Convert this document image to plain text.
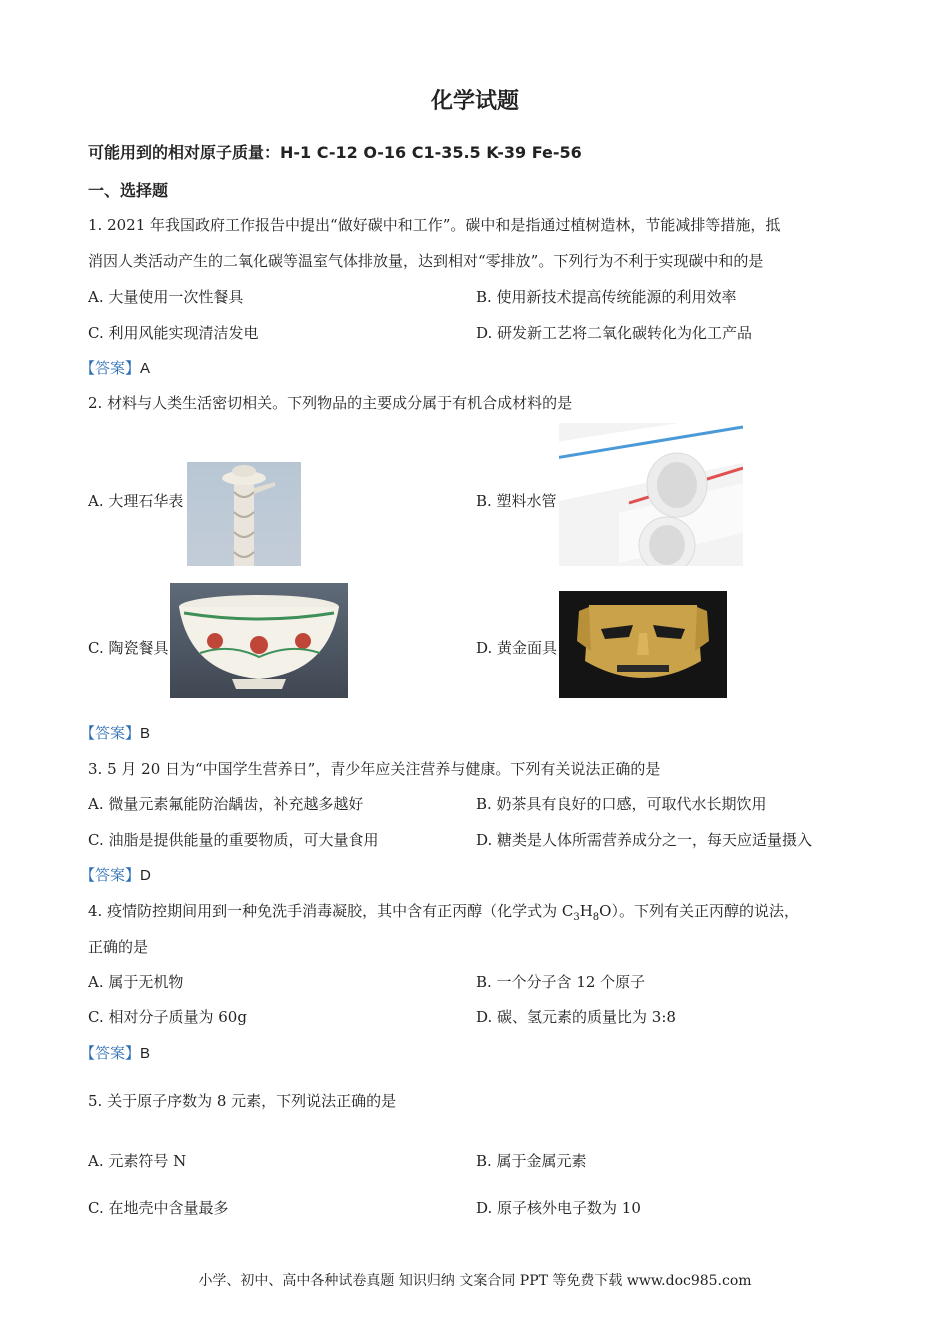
化学试题
可能用到的相对原子质量：H-1 C-12 O-16 C1-35.5 K-39 Fe-56
一、选择题
1. 2021 年我国政府工作报告中提出“做好碳中和工作”。碳中和是指通过植树造林，节能减排等措施，抵
消因人类活动产生的二氧化碳等温室气体排放量，达到相对“零排放”。下列行为不利于实现碳中和的是
A. 大量使用一次性餐具	B. 使用新技术提高传统能源的利用效率
C. 利用风能实现清洁发电	D. 研发新工艺将二氧化碳转化为化工产品
【答案】A
2. 材料与人类生活密切相关。下列物品的主要成分属于有机合成材料的是
A. 大理石华表	B. 塑料水管
C. 陶瓷餐具	D. 黄金面具
【答案】B
3. 5 月 20 日为“中国学生营养日”，青少年应关注营养与健康。下列有关说法正确的是
A. 微量元素氟能防治龋齿，补充越多越好	B. 奶茶具有良好的口感，可取代水长期饮用
C. 油脂是提供能量的重要物质，可大量食用	D. 糖类是人体所需营养成分之一，每天应适量摄入
【答案】D
4. 疫情防控期间用到一种免洗手消毒凝胶，其中含有正丙醇（化学式为 $C_3H_8O$）。下列有关正丙醇的说法，
正确的是
A. 属于无机物	B. 一个分子含 12 个原子
C. 相对分子质量为 60g	D. 碳、氢元素的质量比为 3:8
【答案】B
5. 关于原子序数为 8 元素，下列说法正确的是
A. 元素符号 N	B. 属于金属元素
C. 在地壳中含量最多	D. 原子核外电子数为 10
小学、初中、高中各种试卷真题 知识归纳 文案合同 PPT 等免费下载 www.doc985.com
